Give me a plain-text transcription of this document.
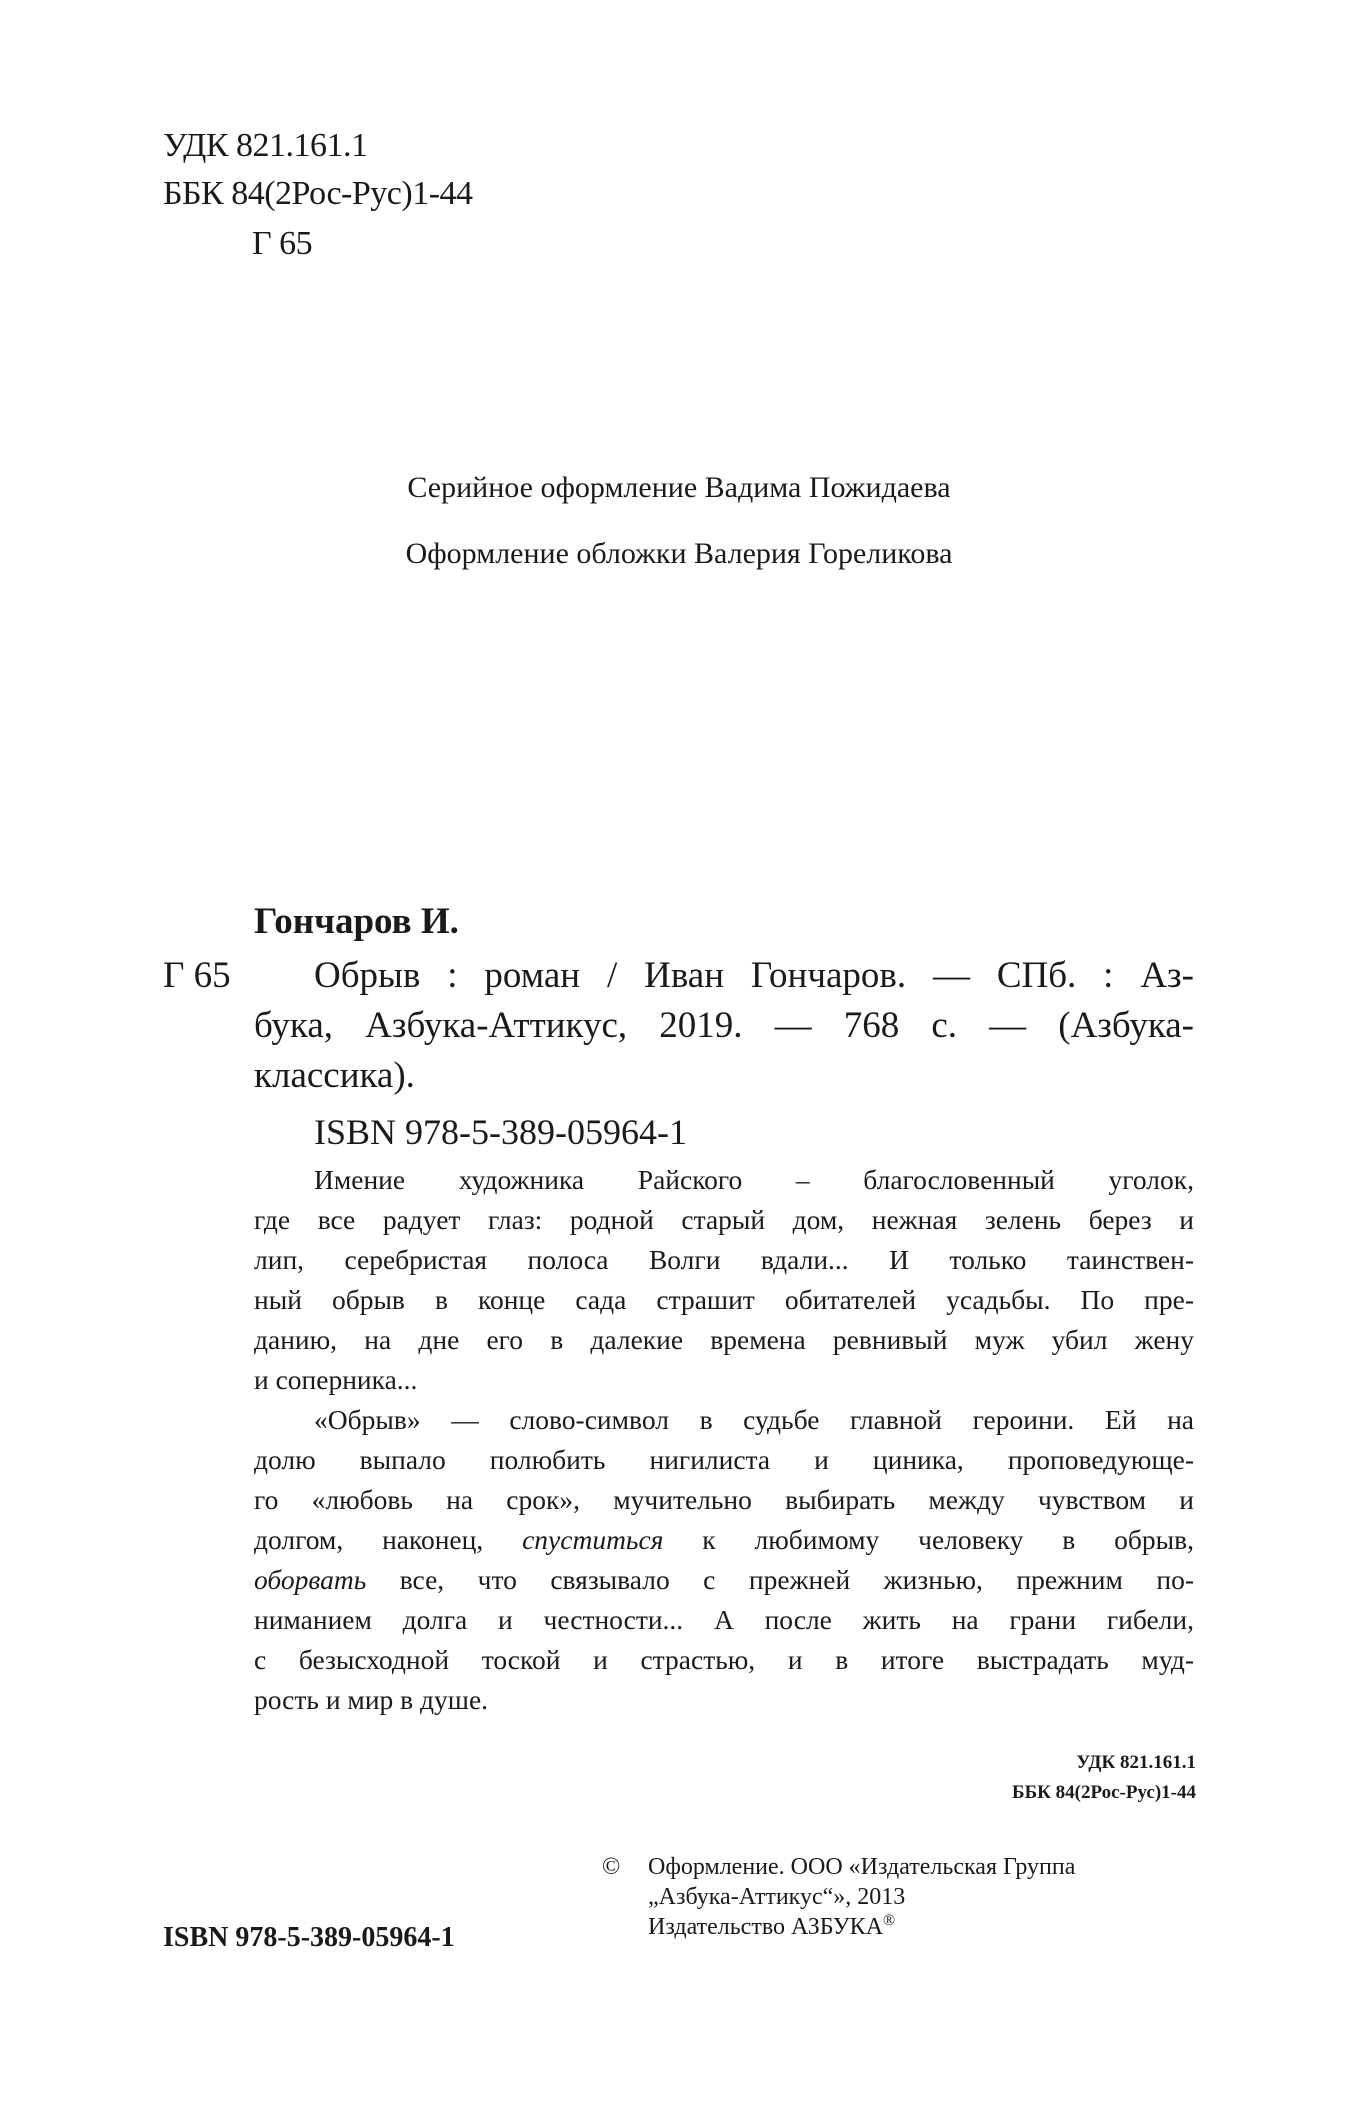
УДК 821.161.1

ББК 84(2Рос-Рус)1-44

Г 65

Серийное оформление Вадима Пожидаева

Оформление обложки Валерия Гореликова

Гончаров И.

Г 65 Обрыв : роман / Иван Гончаров. — СПб. : Аз-

бука, Азбука-Аттикус, 2019. — 768 с. — (Азбука-

классика).

ISBN 978-5-389-05964-1

Имение художника Райского – благословенный уголок,
где все радует глаз: родной старый дом, нежная зелень берез и
лип, серебристая полоса Волги вдали... И только таинствен-
ный обрыв в конце сада страшит обитателей усадьбы. По пре-
данию, на дне его в далекие времена ревнивый муж убил жену
и соперника...
«Обрыв» — слово-символ в судьбе главной героини. Ей на
долю выпало полюбить нигилиста и циника, проповедующе-
го «любовь на срок», мучительно выбирать между чувством и
долгом, наконец, спуститься к любимому человеку в обрыв,
оборвать все, что связывало с прежней жизнью, прежним по-
ниманием долга и честности... А после жить на грани гибели,
с безысходной тоской и страстью, и в итоге выстрадать муд-
рость и мир в душе.

УДК 821.161.1

ББК 84(2Рос-Рус)1-44

ISBN 978-5-389-05964-1

© Оформление. ООО «Издательская Группа

„Азбука-Аттикус“», 2013

Издательство АЗБУКА®
